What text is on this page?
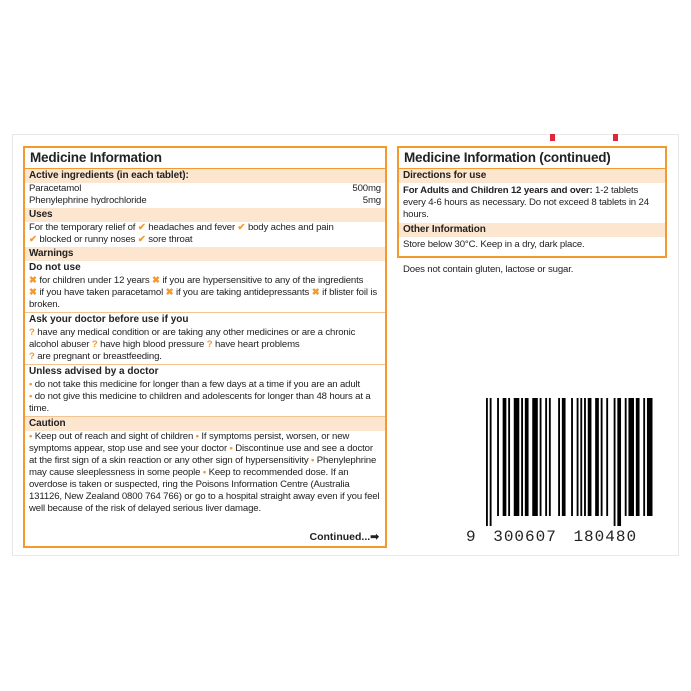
Medicine Information
Active ingredients (in each tablet):
Paracetamol	500mg
Phenylephrine hydrochloride	5mg
Uses
For the temporary relief of ✔ headaches and fever ✔ body aches and pain
✔ blocked or runny noses ✔ sore throat
Warnings
Do not use
✖ for children under 12 years ✖ if you are hypersensitive to any of the ingredients
✖ if you have taken paracetamol ✖ if you are taking antidepressants ✖ if blister foil is broken.
Ask your doctor before use if you
? have any medical condition or are taking any other medicines or are a chronic alcohol abuser ? have high blood pressure ? have heart problems
? are pregnant or breastfeeding.
Unless advised by a doctor
• do not take this medicine for longer than a few days at a time if you are an adult
• do not give this medicine to children and adolescents for longer than 48 hours at a time.
Caution
• Keep out of reach and sight of children • If symptoms persist, worsen, or new symptoms appear, stop use and see your doctor • Discontinue use and see a doctor at the first sign of a skin reaction or any other sign of hypersensitivity • Phenylephrine may cause sleeplessness in some people • Keep to recommended dose. If an overdose is taken or suspected, ring the Poisons Information Centre (Australia 131126, New Zealand 0800 764 766) or go to a hospital straight away even if you feel well because of the risk of delayed serious liver damage.
Continued...➡
Medicine Information (continued)
Directions for use
For Adults and Children 12 years and over: 1-2 tablets every 4-6 hours as necessary. Do not exceed 8 tablets in 24 hours.
Other Information
Store below 30°C. Keep in a dry, dark place.
Does not contain gluten, lactose or sugar.
9 300607 180480
